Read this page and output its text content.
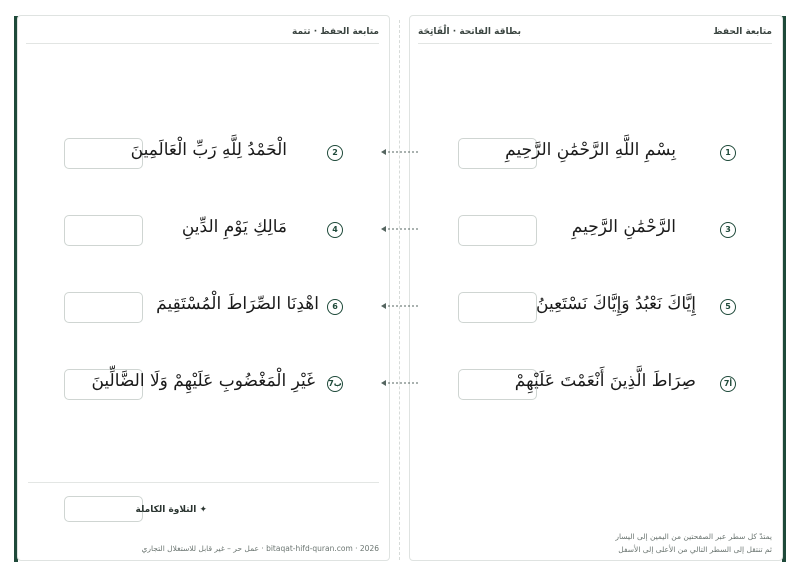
متابعة الحفظ · تتمة
الْحَمْدُ لِلَّهِ رَبِّ الْعَالَمِينَ	2
مَالِكِ يَوْمِ الدِّينِ	4
اهْدِنَا الصِّرَاطَ الْمُسْتَقِيمَ	6
غَيْرِ الْمَغْضُوبِ عَلَيْهِمْ وَلَا الضَّالِّينَ 7ب
✦ التلاوة الكاملة
bitaqat-hifd-quran.com · 2026 · عمل حر – غير قابل للاستغلال التجاري
متابعة الحفظ
بطاقة الفاتحة · الْفَاتِحَة
بِسْمِ اللَّهِ الرَّحْمَٰنِ الرَّحِيمِ	1
الرَّحْمَٰنِ الرَّحِيمِ	3
إِيَّاكَ نَعْبُدُ وَإِيَّاكَ نَسْتَعِينُ	5
صِرَاطَ الَّذِينَ أَنْعَمْتَ عَلَيْهِمْ	7أ
يمتدّ كل سطر عبر الصفحتين من اليمين إلى اليسار
ثم تنتقل إلى السطر التالي من الأعلى إلى الأسفل
